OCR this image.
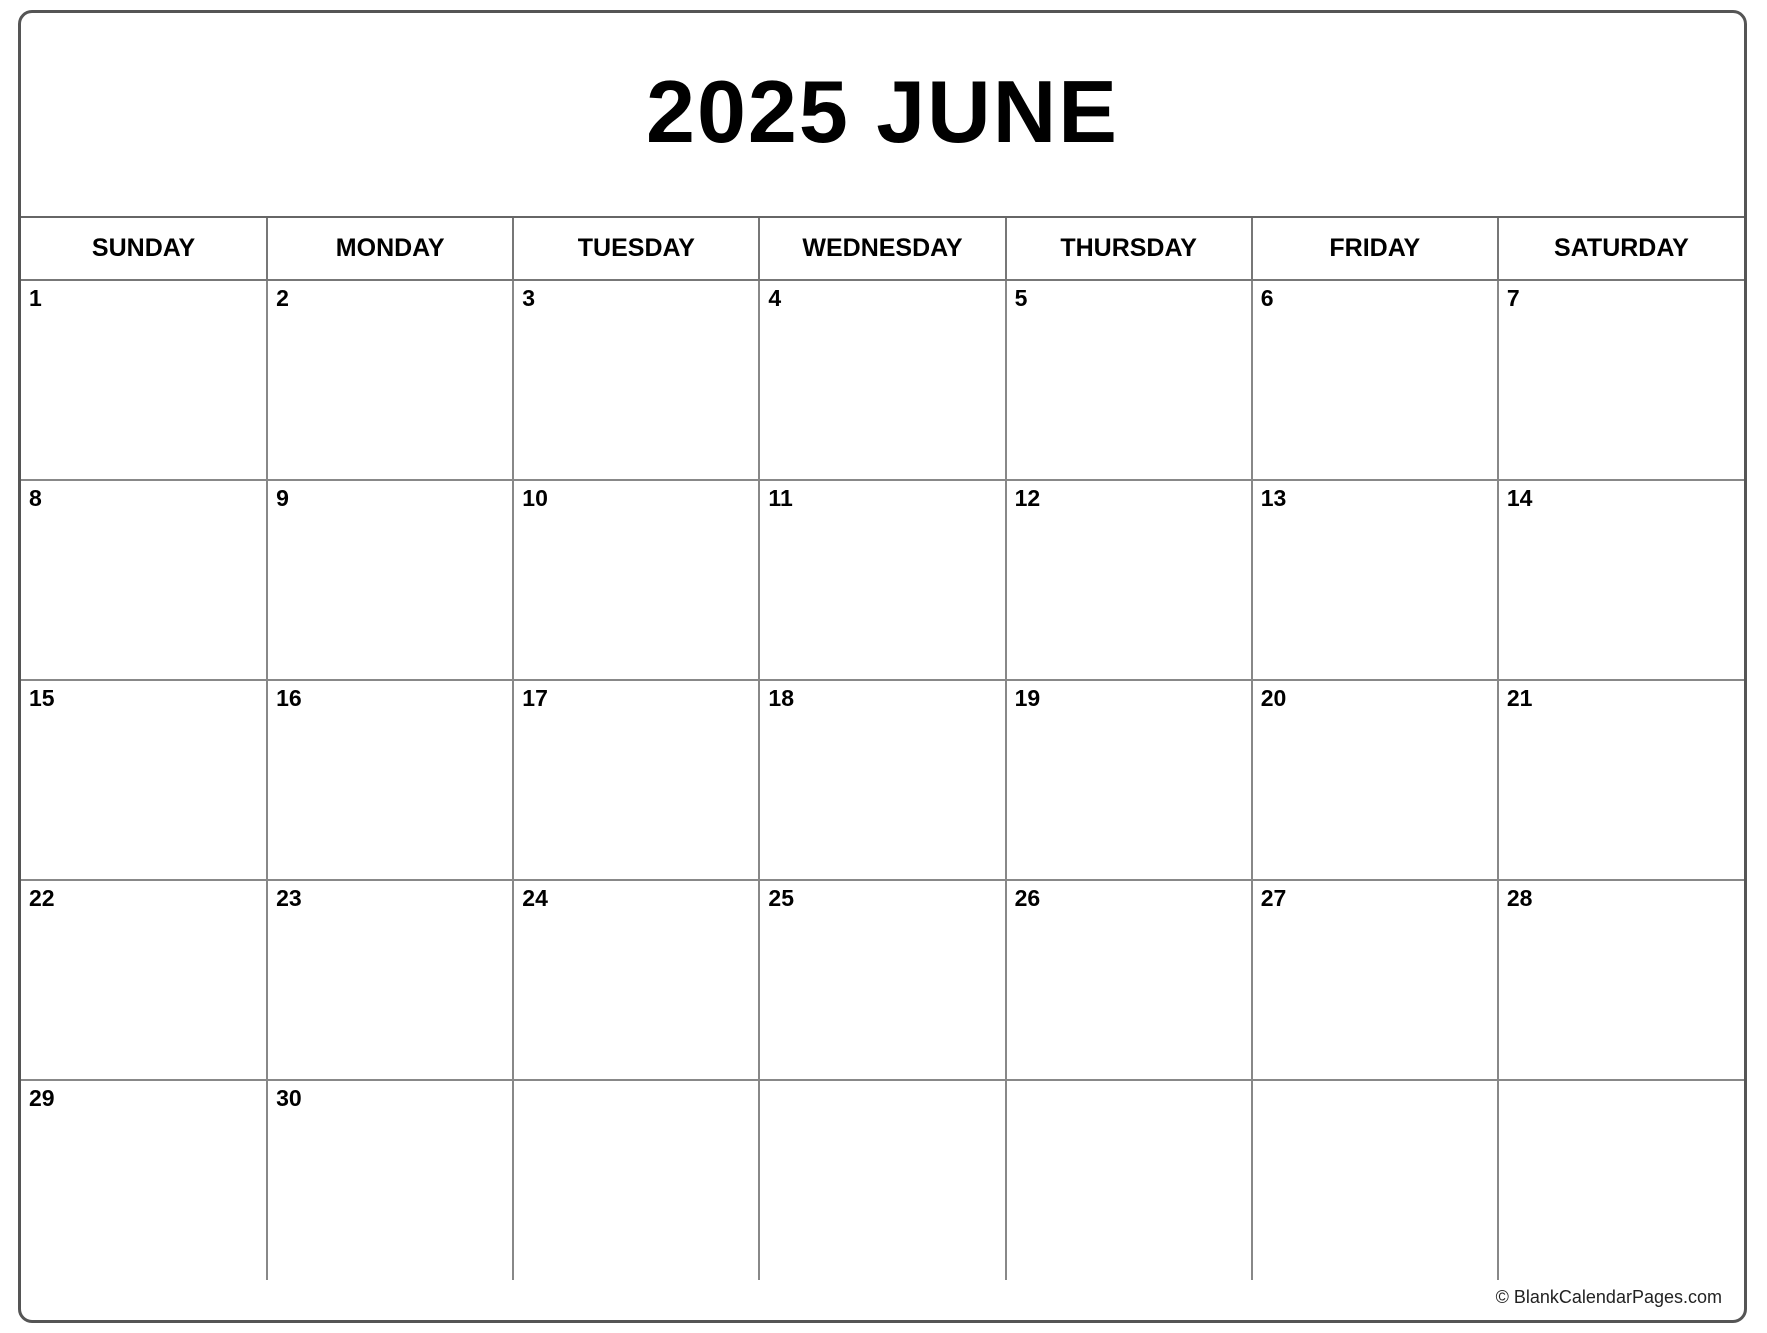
2025 JUNE
SUNDAY	MONDAY	TUESDAY	WEDNESDAY	THURSDAY	FRIDAY	SATURDAY

1	2	3	4	5	6	7

8	9	10	11	12	13	14

15	16	17	18	19	20	21

22	23	24	25	26	27	28

29	30					

© BlankCalendarPages.com
